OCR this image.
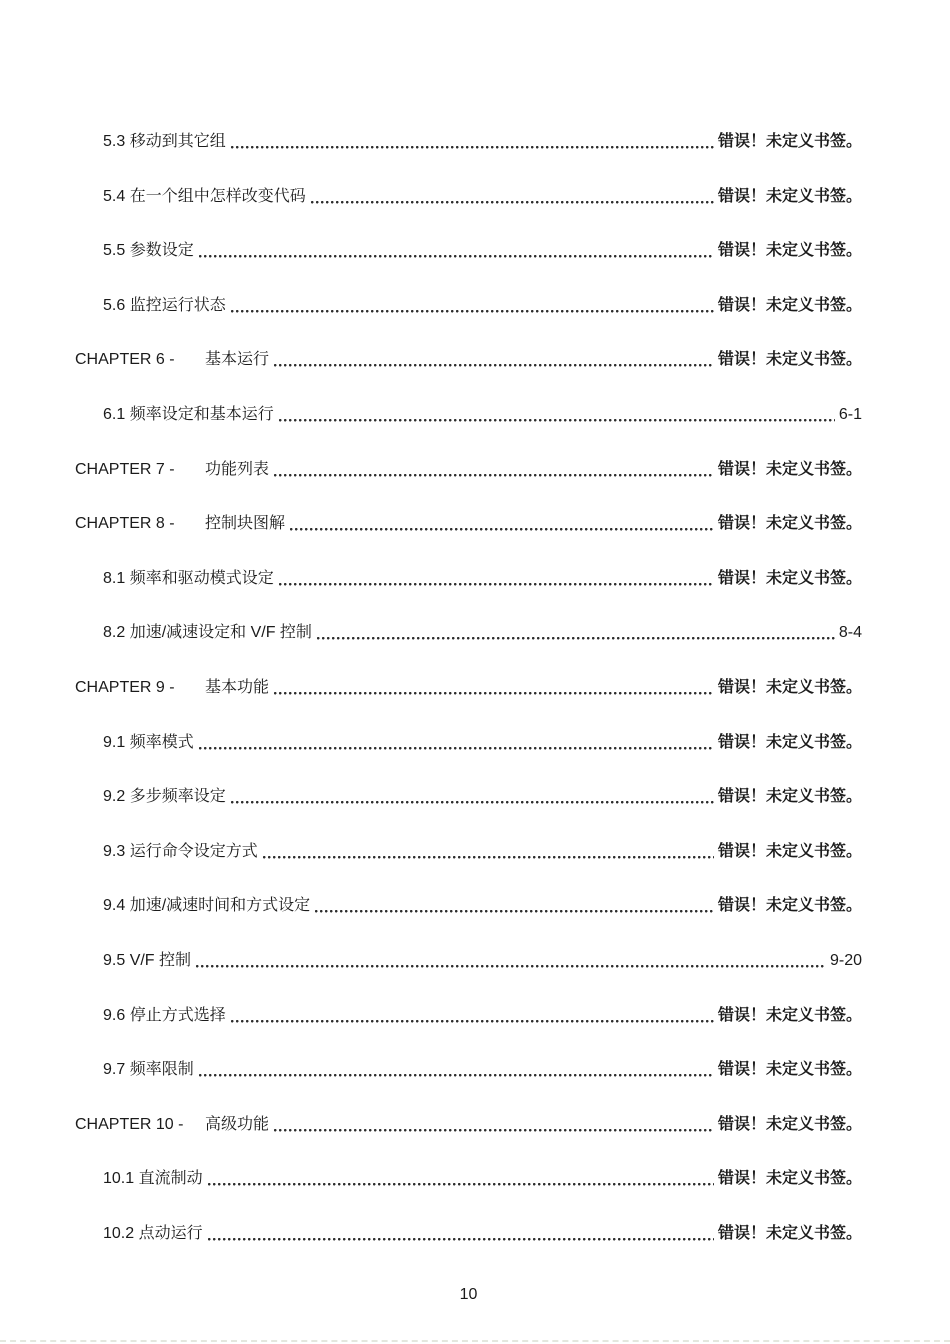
5.3 移动到其它组	错误！未定义书签。
5.4 在一个组中怎样改变代码	错误！未定义书签。
5.5 参数设定	错误！未定义书签。
5.6 监控运行状态	错误！未定义书签。
CHAPTER 6 -	基本运行	错误！未定义书签。
6.1 频率设定和基本运行	6-1
CHAPTER 7 -	功能列表	错误！未定义书签。
CHAPTER 8 -	控制块图解	错误！未定义书签。
8.1 频率和驱动模式设定	错误！未定义书签。
8.2 加速/减速设定和 V/F 控制	8-4
CHAPTER 9 -	基本功能	错误！未定义书签。
9.1 频率模式	错误！未定义书签。
9.2 多步频率设定	错误！未定义书签。
9.3 运行命令设定方式	错误！未定义书签。
9.4 加速/减速时间和方式设定	错误！未定义书签。
9.5 V/F 控制	9-20
9.6 停止方式选择	错误！未定义书签。
9.7 频率限制	错误！未定义书签。
CHAPTER 10 -	高级功能	错误！未定义书签。
10.1 直流制动	错误！未定义书签。
10.2 点动运行	错误！未定义书签。
10
